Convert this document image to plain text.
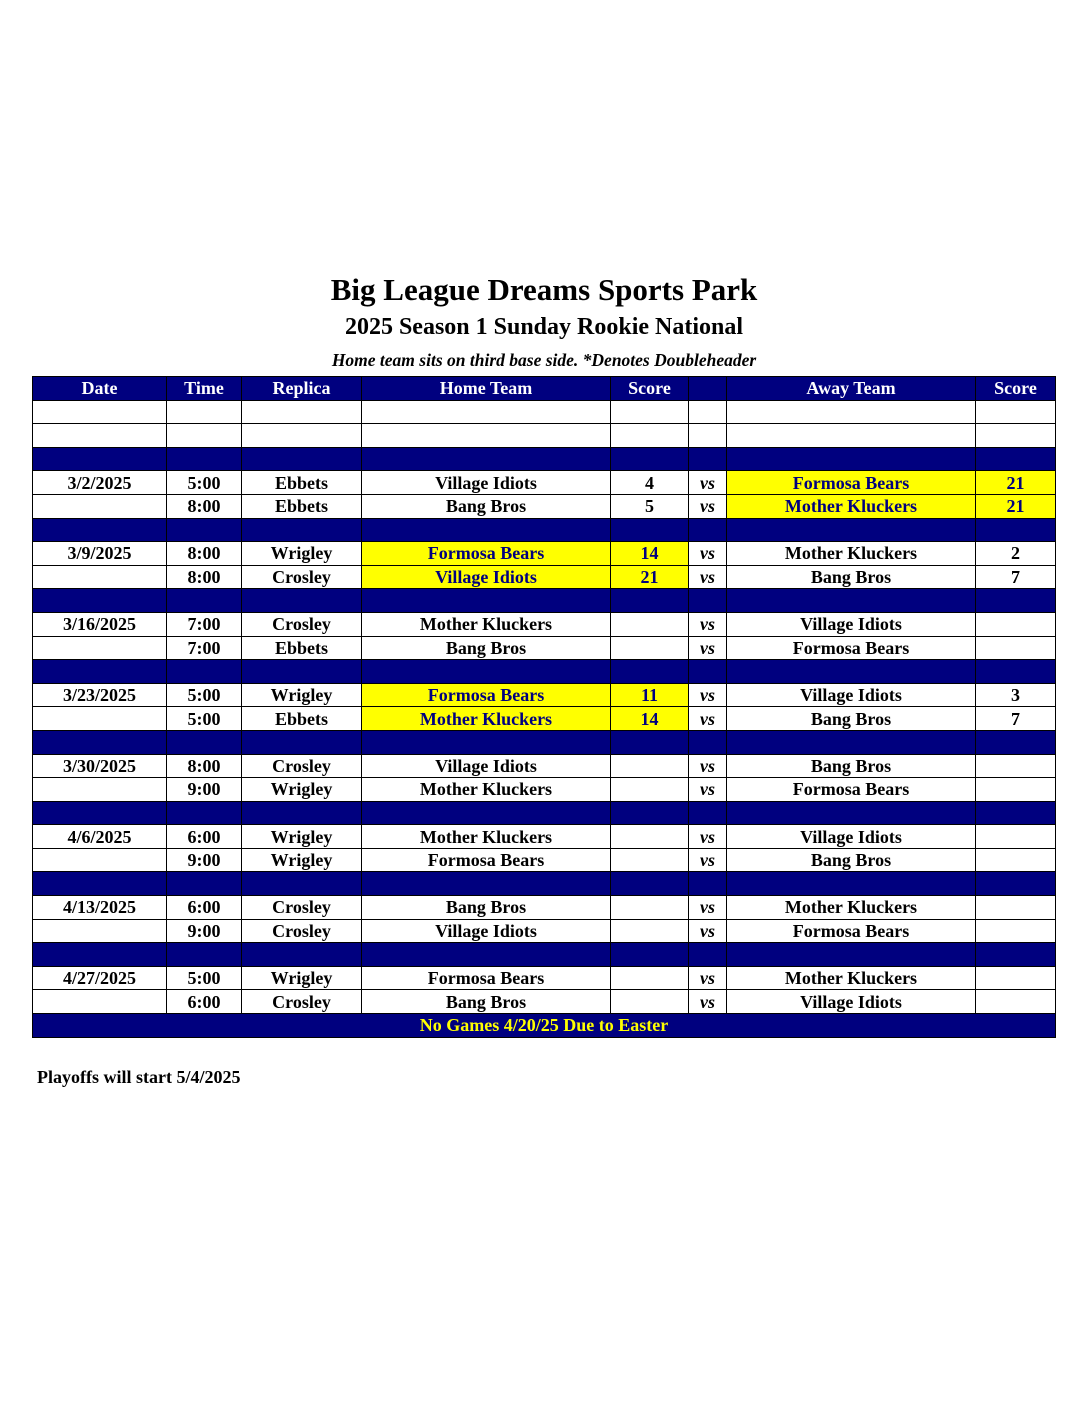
Big League Dreams Sports Park
2025 Season 1 Sunday Rookie National
Home team sits on third base side. *Denotes Doubleheader
Date	Time	Replica	Home Team	Score		Away Team	Score

3/2/2025	5:00	Ebbets	Village Idiots	4	vs	Formosa Bears	21
	8:00	Ebbets	Bang Bros	5	vs	Mother Kluckers	21

3/9/2025	8:00	Wrigley	Formosa Bears	14	vs	Mother Kluckers	2
	8:00	Crosley	Village Idiots	21	vs	Bang Bros	7

3/16/2025	7:00	Crosley	Mother Kluckers		vs	Village Idiots	
	7:00	Ebbets	Bang Bros		vs	Formosa Bears	

3/23/2025	5:00	Wrigley	Formosa Bears	11	vs	Village Idiots	3
	5:00	Ebbets	Mother Kluckers	14	vs	Bang Bros	7

3/30/2025	8:00	Crosley	Village Idiots		vs	Bang Bros	
	9:00	Wrigley	Mother Kluckers		vs	Formosa Bears	

4/6/2025	6:00	Wrigley	Mother Kluckers		vs	Village Idiots	
	9:00	Wrigley	Formosa Bears		vs	Bang Bros	

4/13/2025	6:00	Crosley	Bang Bros		vs	Mother Kluckers	
	9:00	Crosley	Village Idiots		vs	Formosa Bears	

4/27/2025	5:00	Wrigley	Formosa Bears		vs	Mother Kluckers	
	6:00	Crosley	Bang Bros		vs	Village Idiots	
No Games 4/20/25 Due to Easter							
Playoffs will start 5/4/2025
